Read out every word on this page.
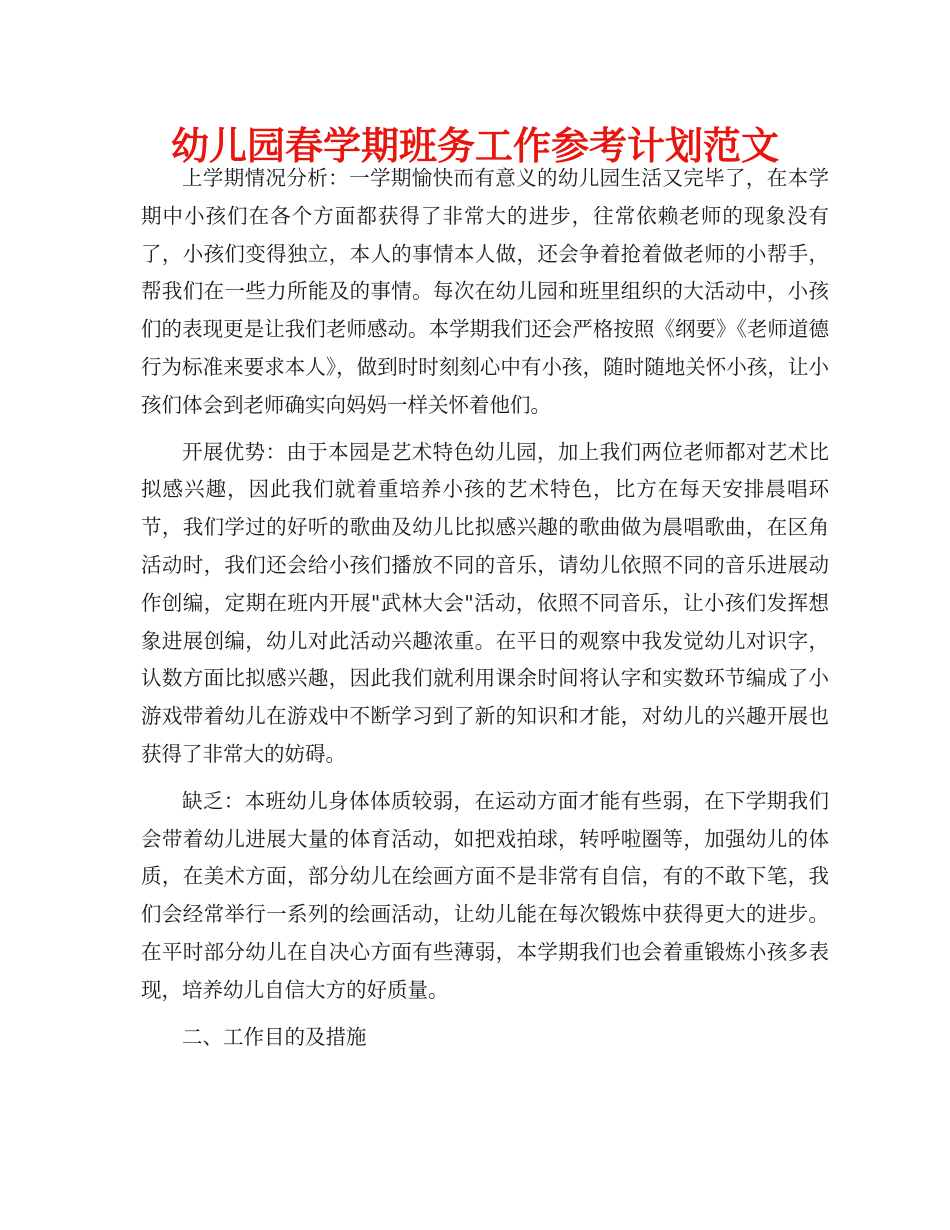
幼儿园春学期班务工作参考计划范文

上学期情况分析：一学期愉快而有意义的幼儿园生活又完毕了，在本学期中小孩们在各个方面都获得了非常大的进步，往常依赖老师的现象没有了，小孩们变得独立，本人的事情本人做，还会争着抢着做老师的小帮手，帮我们在一些力所能及的事情。每次在幼儿园和班里组织的大活动中，小孩们的表现更是让我们老师感动。本学期我们还会严格按照《纲要》《老师道德行为标准来要求本人》，做到时时刻刻心中有小孩，随时随地关怀小孩，让小孩们体会到老师确实向妈妈一样关怀着他们。

开展优势：由于本园是艺术特色幼儿园，加上我们两位老师都对艺术比拟感兴趣，因此我们就着重培养小孩的艺术特色，比方在每天安排晨唱环节，我们学过的好听的歌曲及幼儿比拟感兴趣的歌曲做为晨唱歌曲，在区角活动时，我们还会给小孩们播放不同的音乐，请幼儿依照不同的音乐进展动作创编，定期在班内开展"武林大会"活动，依照不同音乐，让小孩们发挥想象进展创编，幼儿对此活动兴趣浓重。在平日的观察中我发觉幼儿对识字，认数方面比拟感兴趣，因此我们就利用课余时间将认字和实数环节编成了小游戏带着幼儿在游戏中不断学习到了新的知识和才能，对幼儿的兴趣开展也获得了非常大的妨碍。

缺乏：本班幼儿身体体质较弱，在运动方面才能有些弱，在下学期我们会带着幼儿进展大量的体育活动，如把戏拍球，转呼啦圈等，加强幼儿的体质，在美术方面，部分幼儿在绘画方面不是非常有自信，有的不敢下笔，我们会经常举行一系列的绘画活动，让幼儿能在每次锻炼中获得更大的进步。在平时部分幼儿在自决心方面有些薄弱，本学期我们也会着重锻炼小孩多表现，培养幼儿自信大方的好质量。

二、工作目的及措施
